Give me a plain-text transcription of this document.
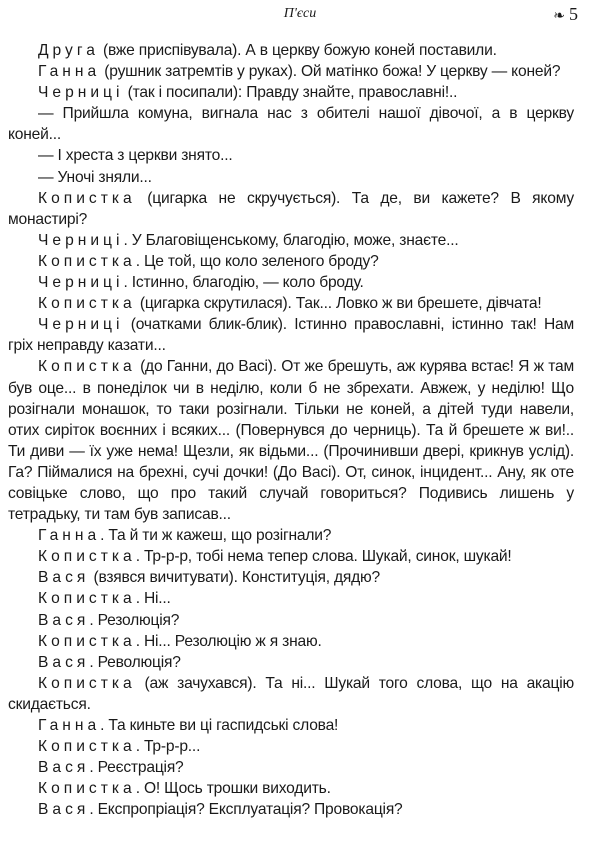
П'єси	❧ 5

Друга (вже приспівувала). А в церкву божую коней поставили.

Ганна (рушник затремтів у руках). Ой матінко божа! У церкву — коней?

Черниці (так і посипали): Правду знайте, православні!..

— Прийшла комуна, вигнала нас з обителі нашої дівочої, а в церкву коней...

— І хреста з церкви знято...

— Уночі зняли...

Копистка (цигарка не скручується). Та де, ви кажете? В якому монастирі?

Черниці. У Благовіщенському, благодію, може, знаєте...

Копистка. Це той, що коло зеленого броду?

Черниці. Істинно, благодію, — коло броду.

Копистка (цигарка скрутилася). Так... Ловко ж ви брешете, дівчата!

Черниці (очатками блик-блик). Істинно православні, істинно так! Нам гріх неправду казати...

Копистка (до Ганни, до Васі). От же брешуть, аж курява встає! Я ж там був оце... в понеділок чи в неділю, коли б не збрехати. Авжеж, у неділю! Що розігнали монашок, то таки розігнали. Тільки не коней, а дітей туди навели, отих сиріток воєнних і всяких... (Повернувся до черниць). Та й брешете ж ви!.. Ти диви — їх уже нема! Щезли, як відьми... (Прочинивши двері, крикнув услід). Га? Піймалися на брехні, сучі дочки! (До Васі). От, синок, інцидент... Ану, як оте совіцьке слово, що про такий случай говориться? Подивись лишень у тетрадьку, ти там був записав...

Ганна. Та й ти ж кажеш, що розігнали?

Копистка. Тр-р-р, тобі нема тепер слова. Шукай, синок, шукай!

Вася (взявся вичитувати). Конституція, дядю?

Копистка. Ні...

Вася. Резолюція?

Копистка. Ні... Резолюцію ж я знаю.

Вася. Революція?

Копистка (аж зачухався). Та ні... Шукай того слова, що на акацію скидається.

Ганна. Та киньте ви ці гаспидські слова!

Копистка. Тр-р-р...

Вася. Реєстрація?

Копистка. О! Щось трошки виходить.

Вася. Експропріація? Експлуатація? Провокація?
